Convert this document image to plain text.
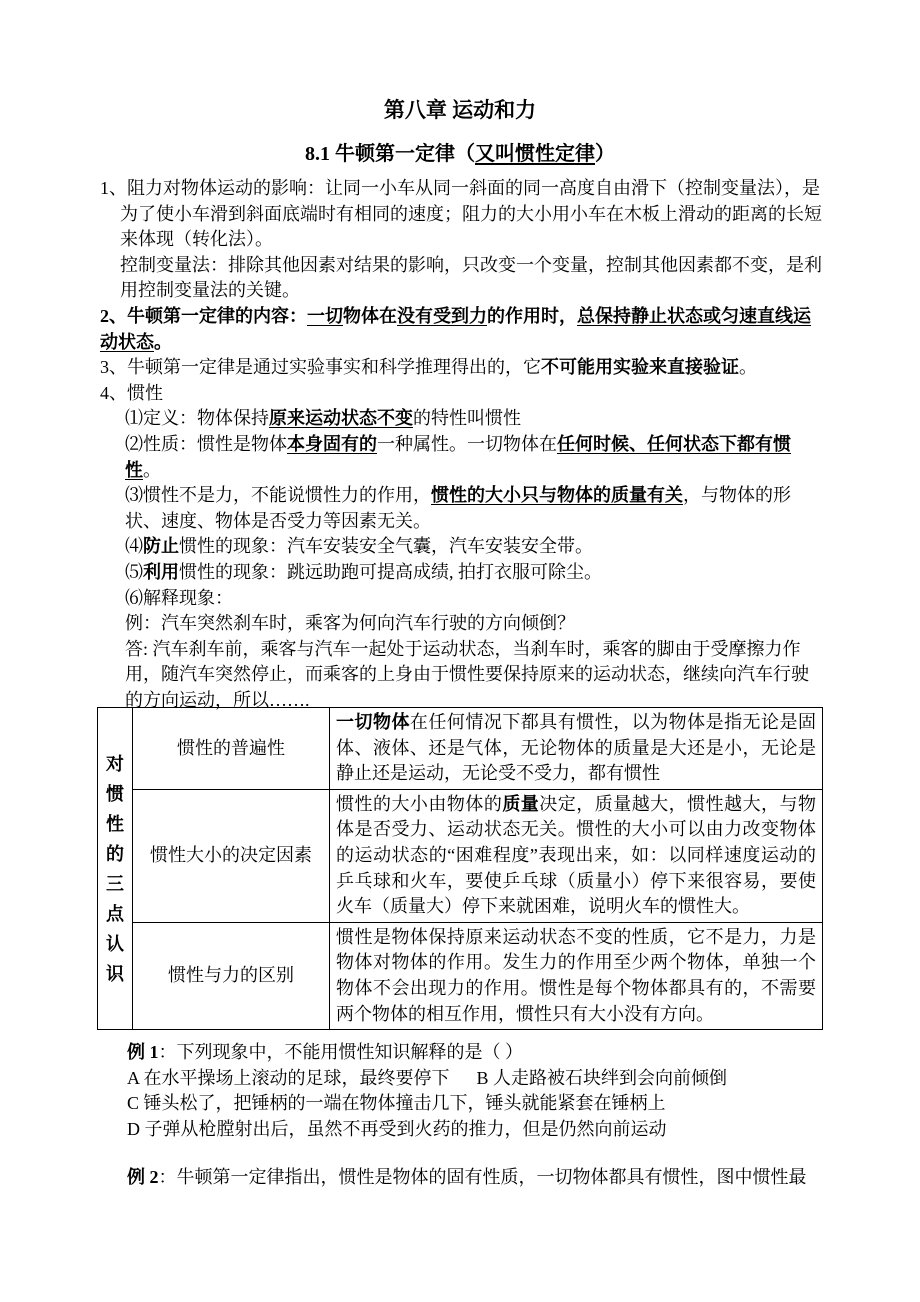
第八章 运动和力
8.1 牛顿第一定律（又叫惯性定律）

1、阻力对物体运动的影响：让同一小车从同一斜面的同一高度自由滑下（控制变量法），是为了使小车滑到斜面底端时有相同的速度；阻力的大小用小车在木板上滑动的距离的长短来体现（转化法）。

控制变量法：排除其他因素对结果的影响，只改变一个变量，控制其他因素都不变，是利用控制变量法的关键。

2、牛顿第一定律的内容：一切物体在没有受到力的作用时，总保持静止状态或匀速直线运动状态。

3、牛顿第一定律是通过实验事实和科学推理得出的，它不可能用实验来直接验证。

4、惯性

⑴定义：物体保持原来运动状态不变的特性叫惯性

⑵性质：惯性是物体本身固有的一种属性。一切物体在任何时候、任何状态下都有惯性。

⑶惯性不是力，不能说惯性力的作用，惯性的大小只与物体的质量有关，与物体的形状、速度、物体是否受力等因素无关。

⑷防止惯性的现象：汽车安装安全气囊，汽车安装安全带。

⑸利用惯性的现象：跳远助跑可提高成绩, 拍打衣服可除尘。

⑹解释现象：

例：汽车突然刹车时，乘客为何向汽车行驶的方向倾倒？

答: 汽车刹车前，乘客与汽车一起处于运动状态，当刹车时，乘客的脚由于受摩擦力作用，随汽车突然停止，而乘客的上身由于惯性要保持原来的运动状态，继续向汽车行驶的方向运动，所以…….

对惯性的三点认识	惯性的普遍性	一切物体在任何情况下都具有惯性，以为物体是指无论是固体、液体、还是气体，无论物体的质量是大还是小，无论是静止还是运动，无论受不受力，都有惯性
	惯性大小的决定因素	惯性的大小由物体的质量决定，质量越大，惯性越大，与物体是否受力、运动状态无关。惯性的大小可以由力改变物体的运动状态的“困难程度”表现出来，如：以同样速度运动的乒乓球和火车，要使乒乓球（质量小）停下来很容易，要使火车（质量大）停下来就困难，说明火车的惯性大。
	惯性与力的区别	惯性是物体保持原来运动状态不变的性质，它不是力，力是物体对物体的作用。发生力的作用至少两个物体，单独一个物体不会出现力的作用。惯性是每个物体都具有的，不需要两个物体的相互作用，惯性只有大小没有方向。
例 1：下列现象中，不能用惯性知识解释的是（ ）
A 在水平操场上滚动的足球，最终要停下      B 人走路被石块绊到会向前倾倒
C 锤头松了，把锤柄的一端在物体撞击几下，锤头就能紧套在锤柄上
D 子弹从枪膛射出后，虽然不再受到火药的推力，但是仍然向前运动
例 2：牛顿第一定律指出，惯性是物体的固有性质，一切物体都具有惯性，图中惯性最
